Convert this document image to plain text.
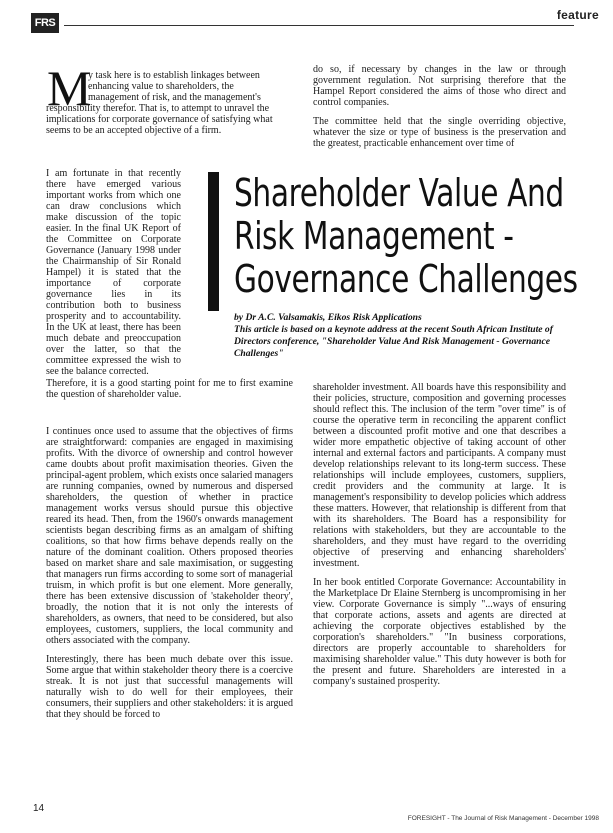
FRS
feature
M
y task here is to establish linkages between
enhancing value to shareholders, the
management of risk, and the management's
responsibility therefor. That is, to attempt to unravel the
implications for corporate governance of satisfying what
seems to be an accepted objective of a firm.

I am fortunate in that recently there have emerged various important works from which one can draw conclusions which make discussion of the topic easier. In the final UK Report of the Committee on Corporate Governance (January 1998 under the Chairmanship of Sir Ronald Hampel) it is stated that the importance of corporate governance lies in its contribution both to business prosperity and to accountability. In the UK at least, there has been much debate and preoccupation over the latter, so that the committee expressed the wish to see the balance corrected.

Therefore, it is a good starting point for me to first examine the question of shareholder value.

I continues once used to assume that the objectives of firms are straightforward: companies are engaged in maximising profits. With the divorce of ownership and control however came doubts about profit maximisation theories. Given the principal-agent problem, which exists once salaried managers are running companies, owned by numerous and dispersed shareholders, the question of whether in practice management works versus should pursue this objective reared its head. Then, from the 1960's onwards management scientists began describing firms as an amalgam of shifting coalitions, so that how firms behave depends really on the nature of the dominant coalition. Others proposed theories based on market share and sale maximisation, or suggesting that managers run firms according to some sort of managerial truism, in which profit is but one element. More generally, there has been extensive discussion of 'stakeholder theory', broadly, the notion that it is not only the interests of shareholders, as owners, that need to be considered, but also employees, customers, suppliers, the local community and others associated with the company.

Interestingly, there has been much debate over this issue. Some argue that within stakeholder theory there is a coercive streak. It is not just that successful managements will naturally wish to do well for their employees, their consumers, their suppliers and other stakeholders: it is argued that they should be forced to

do so, if necessary by changes in the law or through government regulation. Not surprising therefore that the Hampel Report considered the aims of those who direct and control companies.

The committee held that the single overriding objective, whatever the size or type of business is the preservation and the greatest, practicable enhancement over time of

Shareholder Value And
Risk Management -
Governance Challenges
by Dr A.C. Valsamakis, Eikos Risk Applications
This article is based on a keynote address at the recent South African Institute of Directors conference, "Shareholder Value And Risk Management - Governance Challenges"

shareholder investment. All boards have this responsibility and their policies, structure, composition and governing processes should reflect this. The inclusion of the term "over time" is of course the operative term in reconciling the apparent conflict between a discounted profit motive and one that describes a wider more empathetic objective of taking account of other internal and external factors and participants. A company must develop relationships relevant to its long-term success. These relationships will include employees, customers, suppliers, credit providers and the community at large. It is management's responsibility to develop policies which address these matters. However, that relationship is different from that with its shareholders. The Board has a responsibility for relations with stakeholders, but they are accountable to the shareholders, and they must have regard to the overriding objective of preserving and enhancing shareholders' investment.

In her book entitled Corporate Governance: Accountability in the Marketplace Dr Elaine Sternberg is uncompromising in her view. Corporate Governance is simply "...ways of ensuring that corporate actions, assets and agents are directed at achieving the corporate objectives established by the corporation's shareholders." "In business corporations, directors are properly accountable to shareholders for maximising shareholder value." This duty however is both for the present and future. Shareholders are interested in a company's sustained prosperity.

14
FORESIGHT - The Journal of Risk Management - December 1998
